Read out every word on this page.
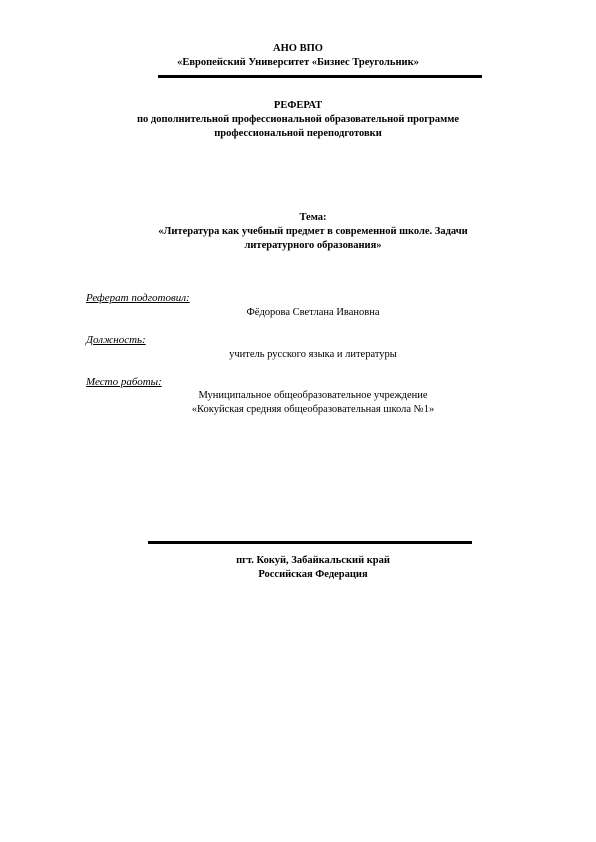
АНО ВПО
«Европейский Университет «Бизнес Треугольник»
РЕФЕРАТ
по дополнительной профессиональной образовательной программе
профессиональной переподготовки
Тема:
«Литература как учебный предмет в современной школе. Задачи
литературного образования»
Реферат подготовил:
Фёдорова Светлана Ивановна
Должность:
учитель русского языка и литературы
Место работы:
Муниципальное общеобразовательное учреждение
«Кокуйская средняя общеобразовательная школа №1»
пгт. Кокуй, Забайкальский край
Российская Федерация
